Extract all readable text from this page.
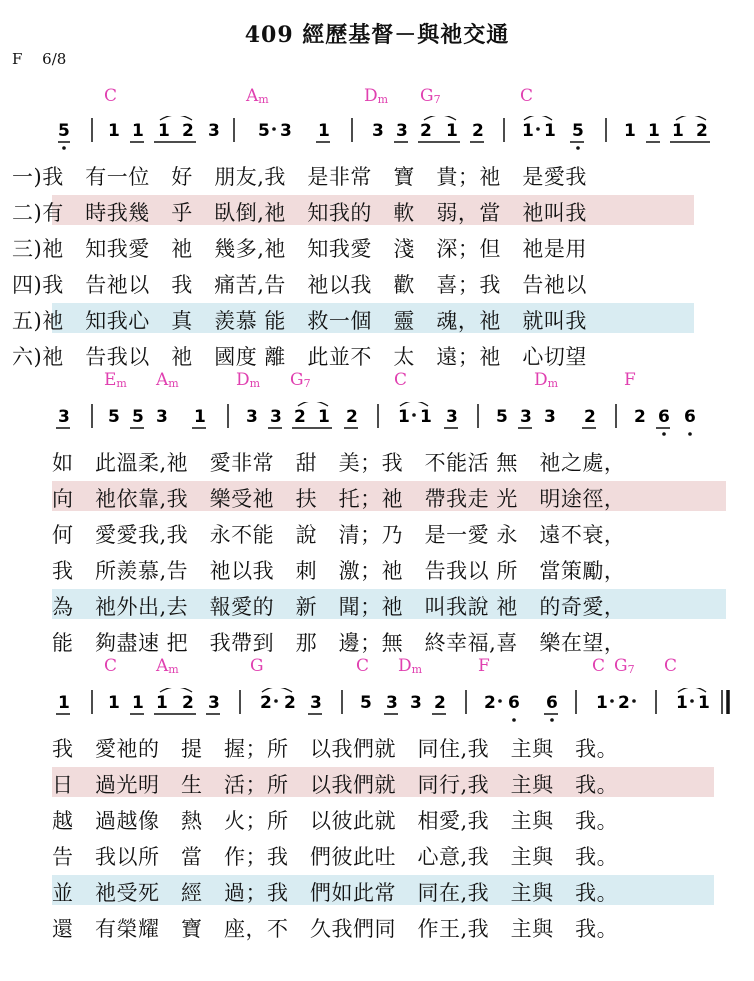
409 經歷基督－與祂交通
F　 6/8
C	$A_m$	$D_m$ $G_7$	C
5 1 1 1 2 3 5 3 1 3 3 2 1 2 1 1 5 1 1 1 2
一)我　有一位　好　朋友,我　是非常　寶　貴；祂　是愛我
二)有　時我幾　乎　臥倒,祂　知我的　軟　弱，當　祂叫我
三)祂　知我愛　祂　幾多,祂　知我愛　淺　深；但　祂是用
四)我　告祂以　我　痛苦,告　祂以我　歡　喜；我　告祂以
五)祂　知我心　真　羨慕 能　救一個　靈　魂，祂　就叫我
六)祂　告我以　祂　國度 離　此並不　太　遠；祂　心切望
$E_m$ $A_m$	$D_m$ $G_7$	C	$D_m$	F
3 5 5 3 1 3 3 2 1 2 1 1 3 5 3 3 2 2 6 6
如　此溫柔,祂　愛非常　甜　美；我　不能活 無　祂之處，
向　祂依靠,我　樂受祂　扶　托；祂　帶我走 光　明途徑，
何　愛愛我,我　永不能　說　清；乃　是一愛 永　遠不衰，
我　所羨慕,告　祂以我　刺　激；祂　告我以 所　當策勵，
為　祂外出,去　報愛的　新　聞；祂　叫我說 祂　的奇愛，
能　夠盡速 把　我帶到　那　邊；無　終幸福,喜　樂在望，
C $A_m$	G	C $D_m$	F	C $G_7$ C
1 1 1 1 2 3 2 2 3 5 3 3 2 2 6 6 1 2	1 1
我　愛祂的　提　握；所　以我們就　同住,我　主與　我。
日　過光明　生　活；所　以我們就　同行,我　主與　我。
越　過越像　熱　火；所　以彼此就　相愛,我　主與　我。
告　我以所　當　作；我　們彼此吐　心意,我　主與　我。
並　祂受死　經　過；我　們如此常　同在,我　主與　我。
還　有榮耀　寶　座，不　久我們同　作王,我　主與　我。
